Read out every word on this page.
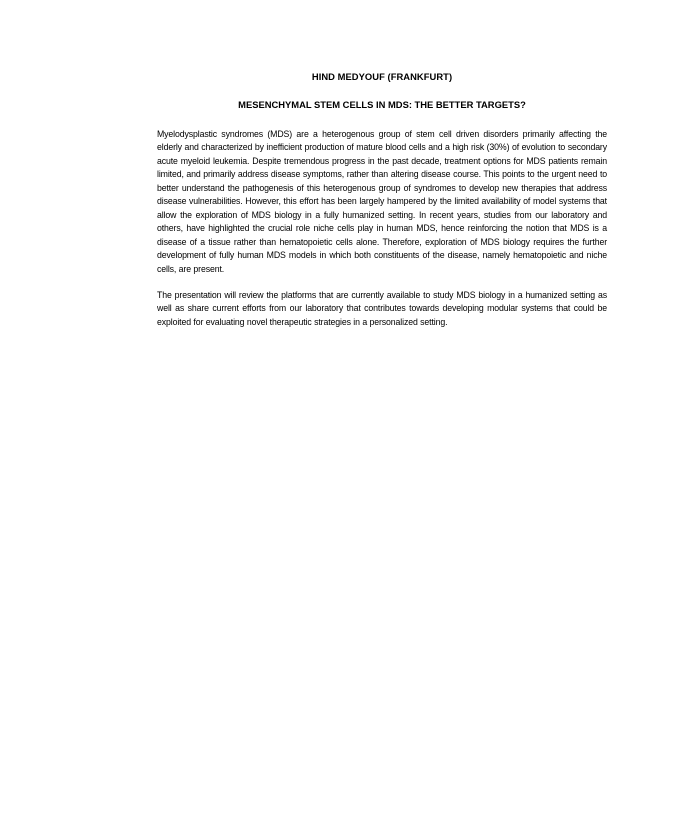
HIND MEDYOUF (FRANKFURT)
MESENCHYMAL STEM CELLS IN MDS: THE BETTER TARGETS?

Myelodysplastic syndromes (MDS) are a heterogenous group of stem cell driven disorders primarily affecting the elderly and characterized by inefficient production of mature blood cells and a high risk (30%) of evolution to secondary acute myeloid leukemia. Despite tremendous progress in the past decade, treatment options for MDS patients remain limited, and primarily address disease symptoms, rather than altering disease course. This points to the urgent need to better understand the pathogenesis of this heterogenous group of syndromes to develop new therapies that address disease vulnerabilities. However, this effort has been largely hampered by the limited availability of model systems that allow the exploration of MDS biology in a fully humanized setting. In recent years, studies from our laboratory and others, have highlighted the crucial role niche cells play in human MDS, hence reinforcing the notion that MDS is a disease of a tissue rather than hematopoietic cells alone. Therefore, exploration of MDS biology requires the further development of fully human MDS models in which both constituents of the disease, namely hematopoietic and niche cells, are present.

The presentation will review the platforms that are currently available to study MDS biology in a humanized setting as well as share current efforts from our laboratory that contributes towards developing modular systems that could be exploited for evaluating novel therapeutic strategies in a personalized setting.
